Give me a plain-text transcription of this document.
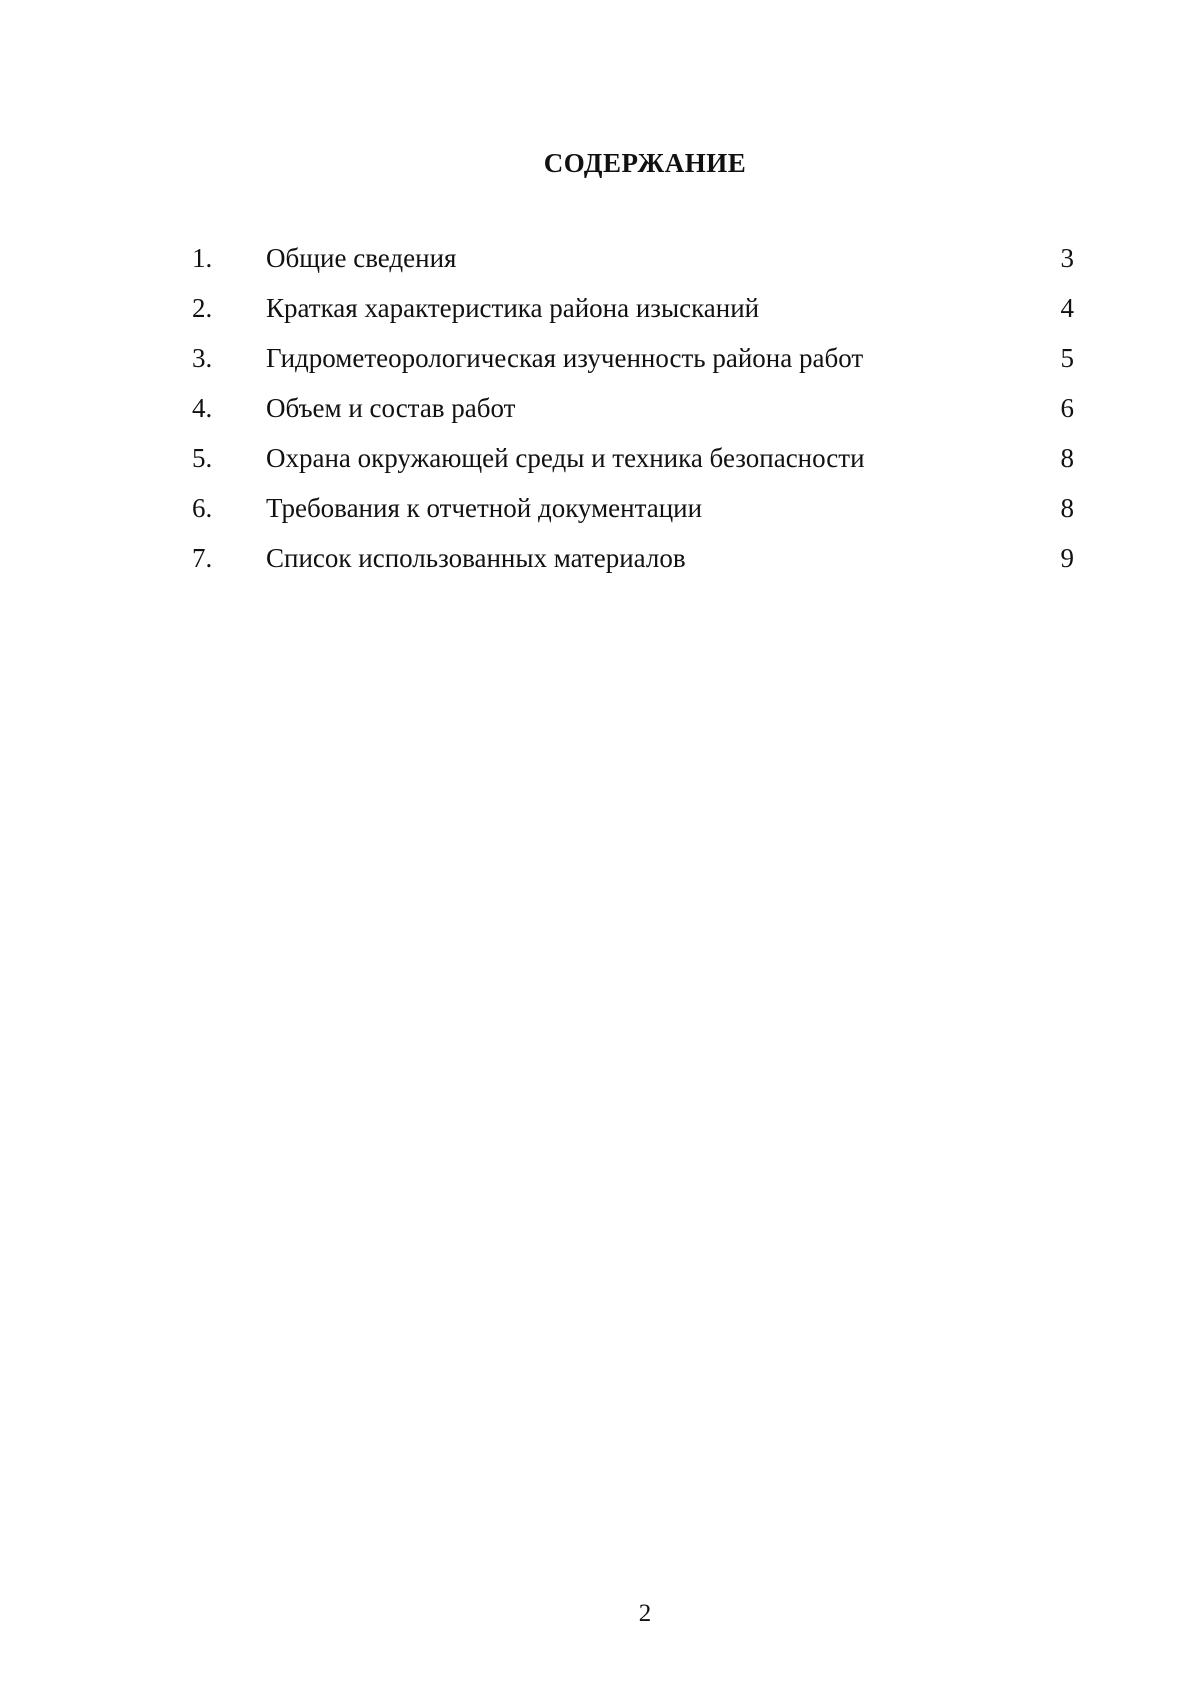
СОДЕРЖАНИЕ
1. Общие сведения	3
2. Краткая характеристика района изысканий	4
3. Гидрометеорологическая изученность района работ	5
4. Объем и состав работ	6
5. Охрана окружающей среды и техника безопасности	8
6. Требования к отчетной документации	8
7. Список использованных материалов	9
2
